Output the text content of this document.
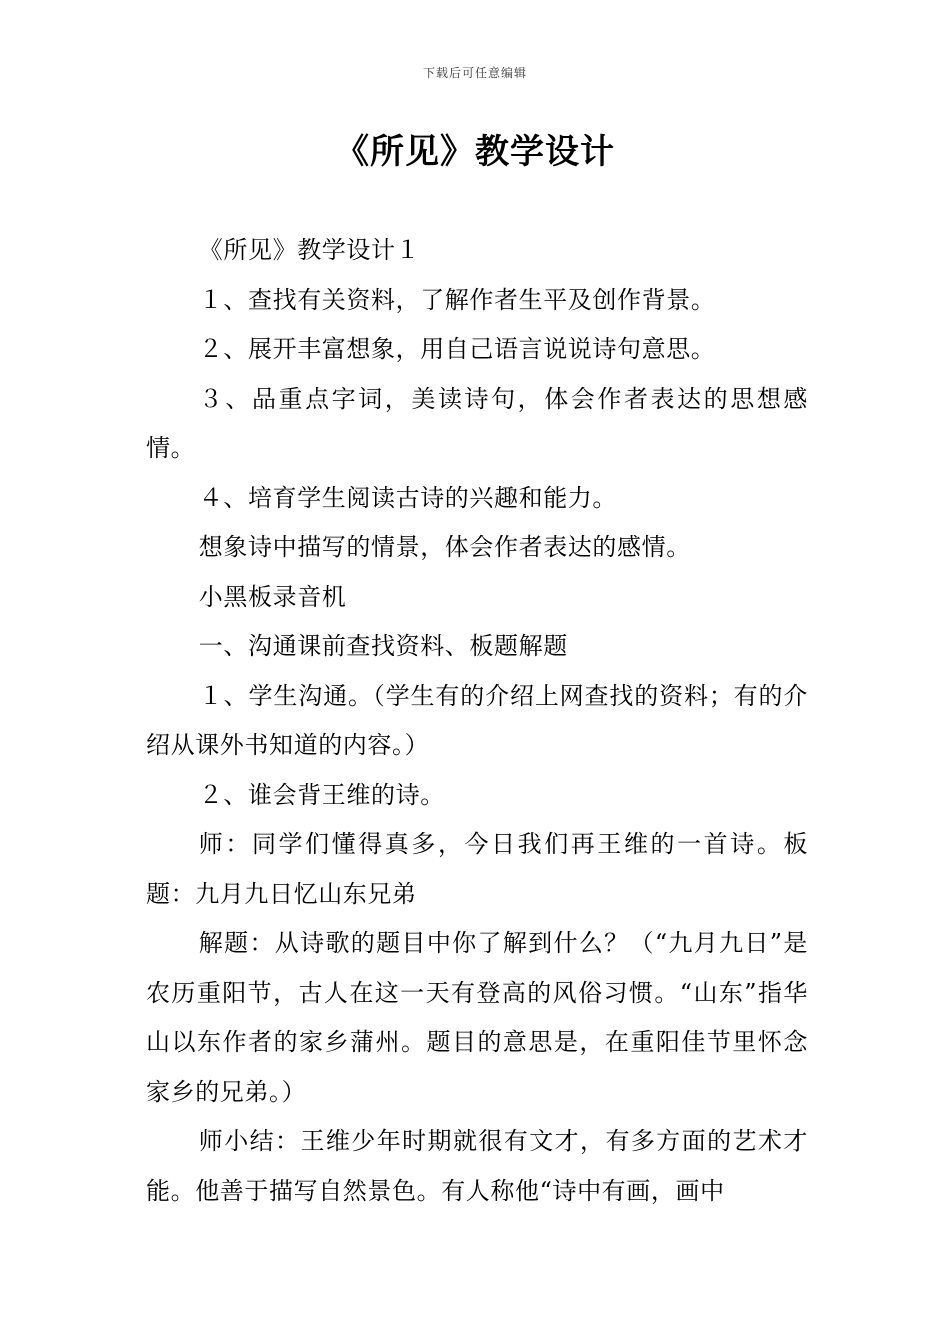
下载后可任意编辑
《所见》教学设计

《所见》教学设计１

１、查找有关资料，了解作者生平及创作背景。

２、展开丰富想象，用自己语言说说诗句意思。

３、品重点字词，美读诗句，体会作者表达的思想感情。

４、培育学生阅读古诗的兴趣和能力。

想象诗中描写的情景，体会作者表达的感情。

小黑板录音机

一、沟通课前查找资料、板题解题

１、学生沟通。（学生有的介绍上网查找的资料；有的介绍从课外书知道的内容。）

２、谁会背王维的诗。

师：同学们懂得真多，今日我们再王维的一首诗。板题：九月九日忆山东兄弟

解题：从诗歌的题目中你了解到什么？（“九月九日”是农历重阳节，古人在这一天有登高的风俗习惯。“山东”指华山以东作者的家乡蒲州。题目的意思是，在重阳佳节里怀念家乡的兄弟。）

师小结：王维少年时期就很有文才，有多方面的艺术才能。他善于描写自然景色。有人称他“诗中有画，画中
